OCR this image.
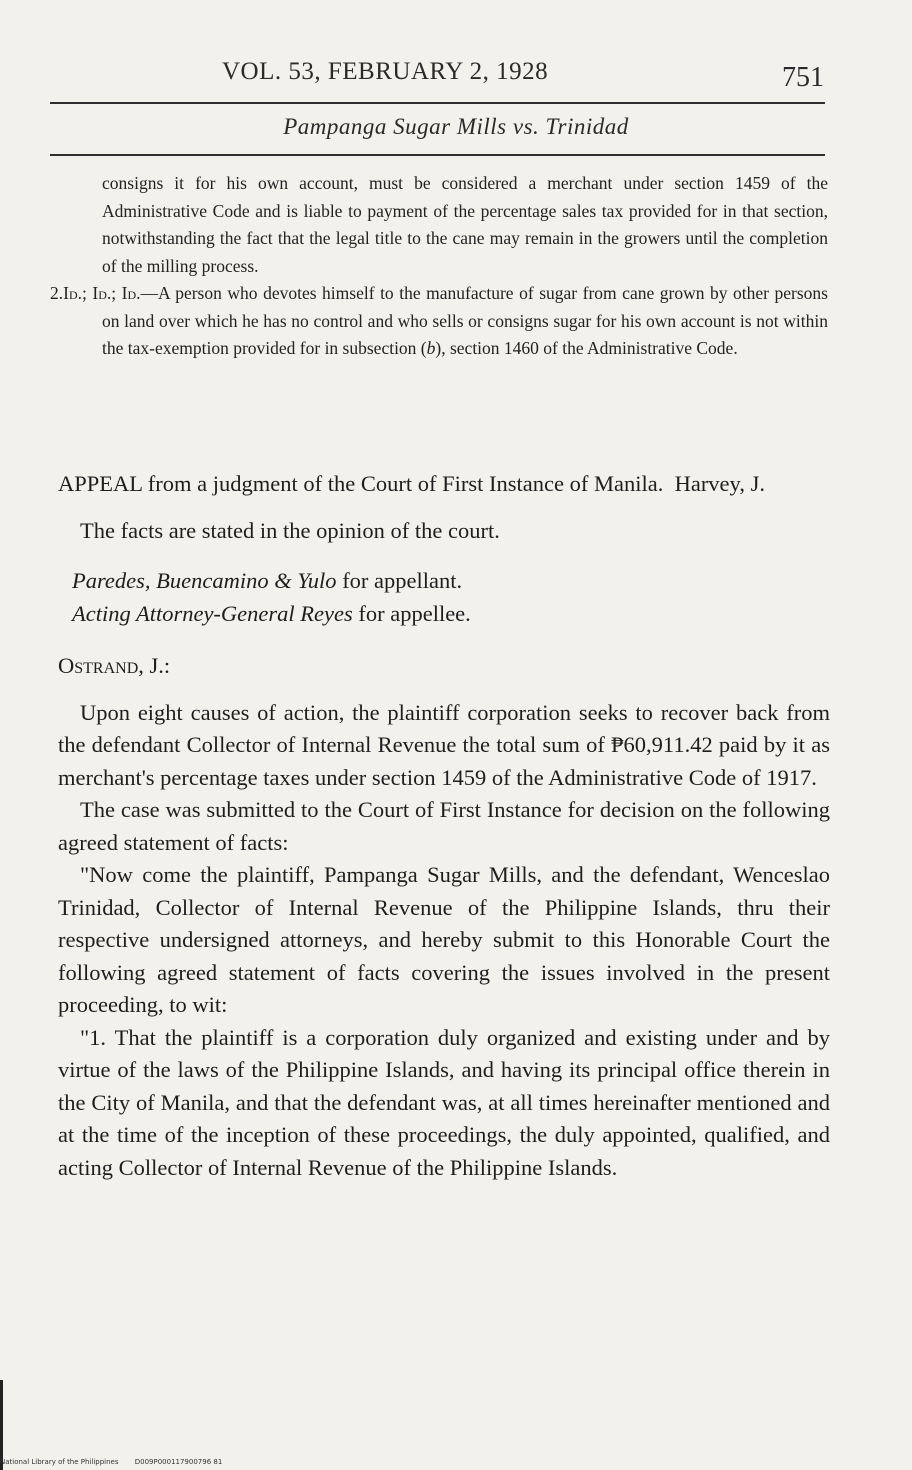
VOL. 53, FEBRUARY 2, 1928	751
Pampanga Sugar Mills vs. Trinidad

consigns it for his own account, must be considered a merchant under section 1459 of the Administrative Code and is liable to payment of the percentage sales tax provided for in that section, notwithstanding the fact that the legal title to the cane may remain in the growers until the completion of the milling process.

2.Id.; Id.; Id.—A person who devotes himself to the manufacture of sugar from cane grown by other persons on land over which he has no control and who sells or consigns sugar for his own account is not within the tax-exemption provided for in subsection (b), section 1460 of the Administrative Code.

APPEAL from a judgment of the Court of First Instance of Manila. Harvey, J.

The facts are stated in the opinion of the court.

Paredes, Buencamino & Yulo for appellant.

Acting Attorney-General Reyes for appellee.

Ostrand, J.:

Upon eight causes of action, the plaintiff corporation seeks to recover back from the defendant Collector of Internal Revenue the total sum of ₱60,911.42 paid by it as merchant's percentage taxes under section 1459 of the Administrative Code of 1917.

The case was submitted to the Court of First Instance for decision on the following agreed statement of facts:

"Now come the plaintiff, Pampanga Sugar Mills, and the defendant, Wenceslao Trinidad, Collector of Internal Revenue of the Philippine Islands, thru their respective undersigned attorneys, and hereby submit to this Honorable Court the following agreed statement of facts covering the issues involved in the present proceeding, to wit:

"1. That the plaintiff is a corporation duly organized and existing under and by virtue of the laws of the Philippine Islands, and having its principal office therein in the City of Manila, and that the defendant was, at all times hereinafter mentioned and at the time of the inception of these proceedings, the duly appointed, qualified, and acting Collector of Internal Revenue of the Philippine Islands.

National Library of the Philippines D009P000117900796 81
